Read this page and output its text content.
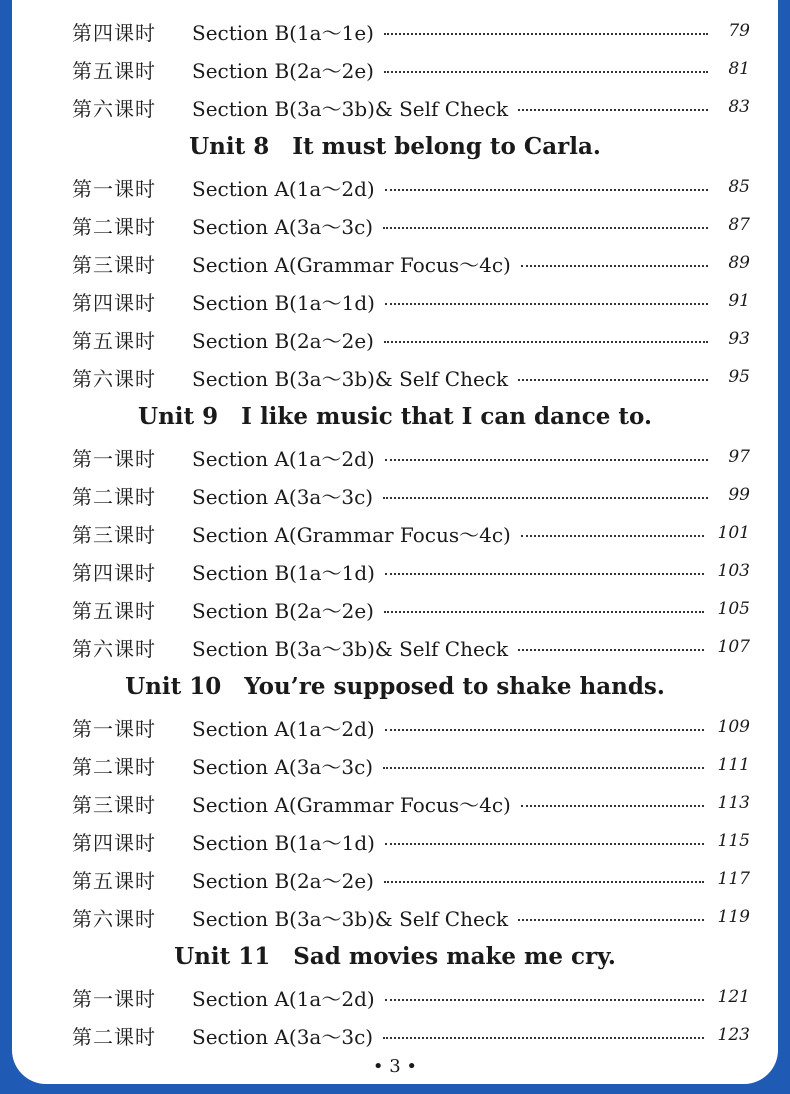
第四课时	Section B(1a～1e)	79
第五课时	Section B(2a～2e)	81
第六课时	Section B(3a～3b)& Self Check	83
Unit 8　It must belong to Carla.
第一课时	Section A(1a～2d)	85
第二课时	Section A(3a～3c)	87
第三课时	Section A(Grammar Focus～4c)	89
第四课时	Section B(1a～1d)	91
第五课时	Section B(2a～2e)	93
第六课时	Section B(3a～3b)& Self Check	95
Unit 9　I like music that I can dance to.
第一课时	Section A(1a～2d)	97
第二课时	Section A(3a～3c)	99
第三课时	Section A(Grammar Focus～4c)	101
第四课时	Section B(1a～1d)	103
第五课时	Section B(2a～2e)	105
第六课时	Section B(3a～3b)& Self Check	107
Unit 10　You’re supposed to shake hands.
第一课时	Section A(1a～2d)	109
第二课时	Section A(3a～3c)	111
第三课时	Section A(Grammar Focus～4c)	113
第四课时	Section B(1a～1d)	115
第五课时	Section B(2a～2e)	117
第六课时	Section B(3a～3b)& Self Check	119
Unit 11　Sad movies make me cry.
第一课时	Section A(1a～2d)	121
第二课时	Section A(3a～3c)	123
• 3 •
